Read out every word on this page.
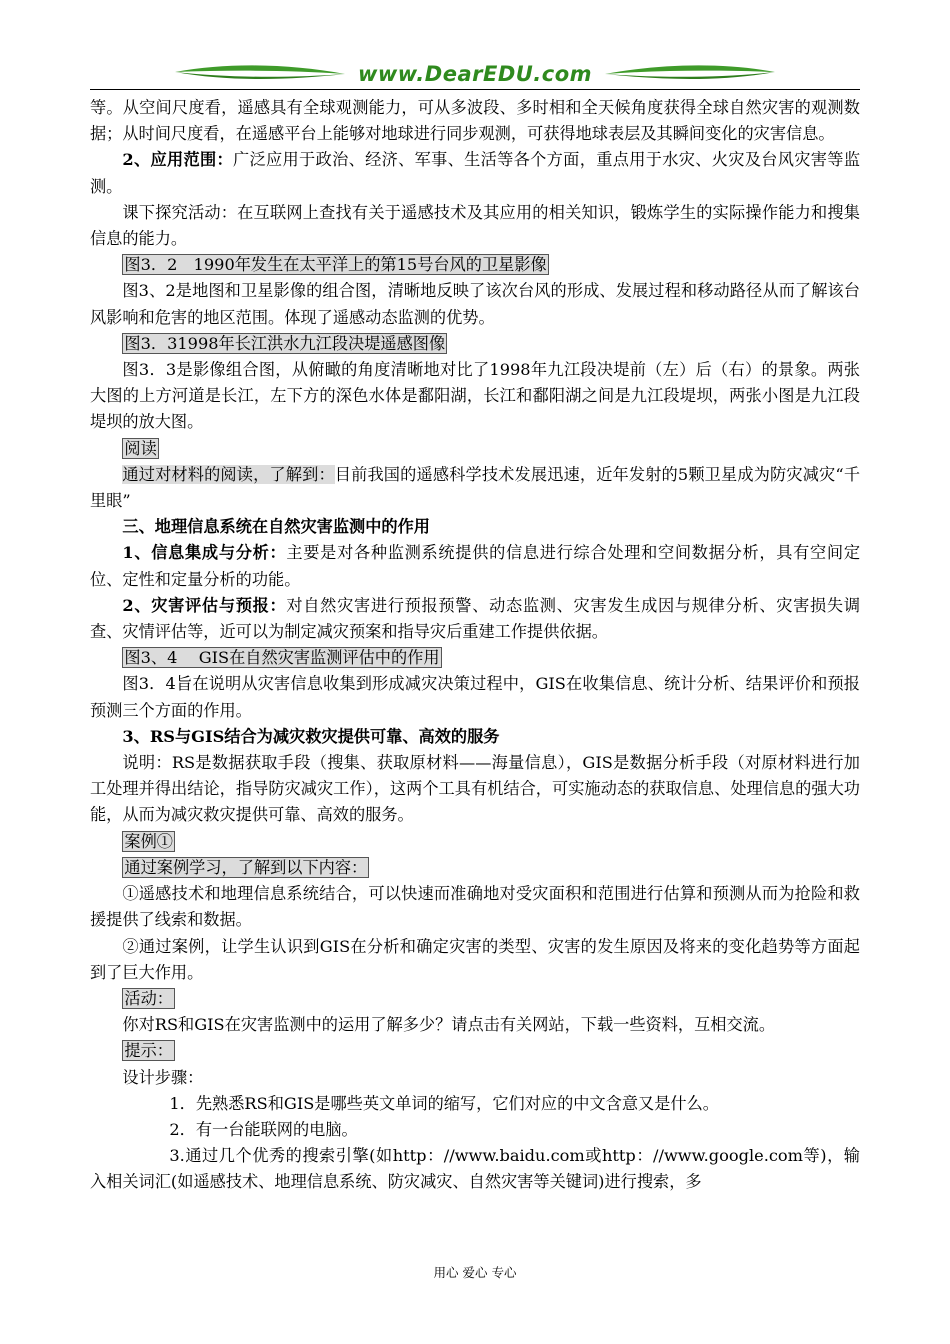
www.DearEDU.com

等。从空间尺度看，遥感具有全球观测能力，可从多波段、多时相和全天候角度获得全球自然灾害的观测数据；从时间尺度看，在遥感平台上能够对地球进行同步观测，可获得地球表层及其瞬间变化的灾害信息。

2、应用范围：广泛应用于政治、经济、军事、生活等各个方面，重点用于水灾、火灾及台风灾害等监测。

课下探究活动：在互联网上查找有关于遥感技术及其应用的相关知识，锻炼学生的实际操作能力和搜集信息的能力。

图3．2　1990年发生在太平洋上的第15号台风的卫星影像

图3、2是地图和卫星影像的组合图，清晰地反映了该次台风的形成、发展过程和移动路径从而了解该台风影响和危害的地区范围。体现了遥感动态监测的优势。

图3．31998年长江洪水九江段决堤遥感图像

图3．3是影像组合图，从俯瞰的角度清晰地对比了1998年九江段决堤前（左）后（右）的景象。两张大图的上方河道是长江，左下方的深色水体是鄱阳湖，长江和鄱阳湖之间是九江段堤坝，两张小图是九江段堤坝的放大图。

阅读

通过对材料的阅读，了解到：目前我国的遥感科学技术发展迅速，近年发射的5颗卫星成为防灾减灾“千里眼”

三、地理信息系统在自然灾害监测中的作用

1、信息集成与分析：主要是对各种监测系统提供的信息进行综合处理和空间数据分析，具有空间定位、定性和定量分析的功能。

2、灾害评估与预报：对自然灾害进行预报预警、动态监测、灾害发生成因与规律分析、灾害损失调查、灾情评估等，近可以为制定减灾预案和指导灾后重建工作提供依据。

图3、4　 GIS在自然灾害监测评估中的作用

图3．4旨在说明从灾害信息收集到形成减灾决策过程中，GIS在收集信息、统计分析、结果评价和预报预测三个方面的作用。

3、RS与GIS结合为减灾救灾提供可靠、高效的服务

说明：RS是数据获取手段（搜集、获取原材料——海量信息），GIS是数据分析手段（对原材料进行加工处理并得出结论，指导防灾减灾工作），这两个工具有机结合，可实施动态的获取信息、处理信息的强大功能，从而为减灾救灾提供可靠、高效的服务。

案例①

通过案例学习，了解到以下内容：

①遥感技术和地理信息系统结合，可以快速而准确地对受灾面积和范围进行估算和预测从而为抢险和救援提供了线索和数据。

②通过案例，让学生认识到GIS在分析和确定灾害的类型、灾害的发生原因及将来的变化趋势等方面起到了巨大作用。

活动：

你对RS和GIS在灾害监测中的运用了解多少？请点击有关网站，下载一些资料，互相交流。

提示：

设计步骤：

1．先熟悉RS和GIS是哪些英文单词的缩写，它们对应的中文含意又是什么。

2．有一台能联网的电脑。

3.通过几个优秀的搜索引擎(如http：//www.baidu.com或http：//www.google.com等)，输入相关词汇(如遥感技术、地理信息系统、防灾减灾、自然灾害等关键词)进行搜索，多

用心 爱心 专心
